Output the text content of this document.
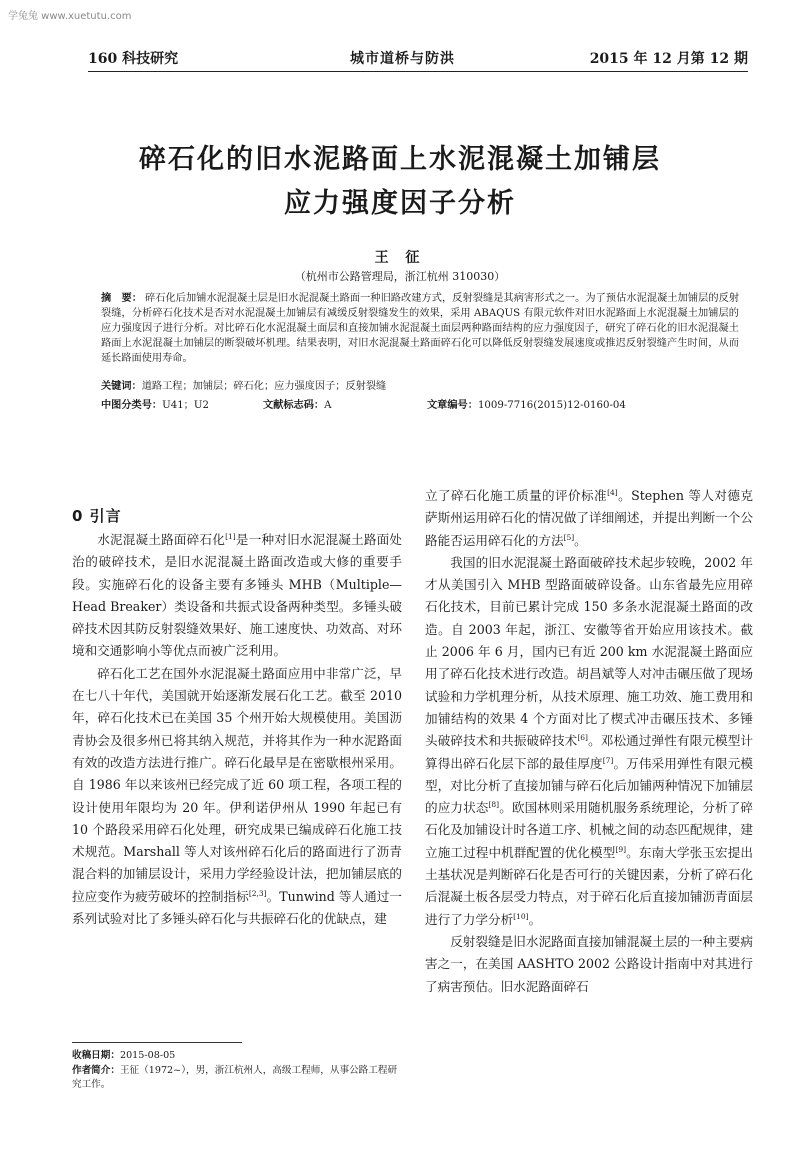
学兔兔 www.xuetutu.com
160 科技研究	城市道桥与防洪	2015 年 12 月第 12 期
碎石化的旧水泥路面上水泥混凝土加铺层
应力强度因子分析
王 征
（杭州市公路管理局，浙江杭州 310030）
摘　要： 碎石化后加铺水泥混凝土层是旧水泥混凝土路面一种旧路改建方式，反射裂缝是其病害形式之一。为了预估水泥混凝土加铺层的反射裂缝，分析碎石化技术是否对水泥混凝土加铺层有减缓反射裂缝发生的效果，采用 ABAQUS 有限元软件对旧水泥路面上水泥混凝土加铺层的应力强度因子进行分析。对比碎石化水泥混凝土面层和直接加铺水泥混凝土面层两种路面结构的应力强度因子，研究了碎石化的旧水泥混凝土路面上水泥混凝土加铺层的断裂破坏机理。结果表明，对旧水泥混凝土路面碎石化可以降低反射裂缝发展速度或推迟反射裂缝产生时间，从而延长路面使用寿命。
关键词：道路工程；加铺层；碎石化；应力强度因子；反射裂缝
中图分类号：U41；U2	文献标志码：A	文章编号：1009-7716(2015)12-0160-04
0 引言

水泥混凝土路面碎石化[1]是一种对旧水泥混凝土路面处治的破碎技术，是旧水泥混凝土路面改造或大修的重要手段。实施碎石化的设备主要有多锤头 MHB（Multiple—Head Breaker）类设备和共振式设备两种类型。多锤头破碎技术因其防反射裂缝效果好、施工速度快、功效高、对环境和交通影响小等优点而被广泛利用。

碎石化工艺在国外水泥混凝土路面应用中非常广泛，早在七八十年代，美国就开始逐渐发展石化工艺。截至 2010 年，碎石化技术已在美国 35 个州开始大规模使用。美国沥青协会及很多州已将其纳入规范，并将其作为一种水泥路面有效的改造方法进行推广。碎石化最早是在密歇根州采用。自 1986 年以来该州已经完成了近 60 项工程，各项工程的设计使用年限均为 20 年。伊利诺伊州从 1990 年起已有 10 个路段采用碎石化处理，研究成果已编成碎石化施工技术规范。Marshall 等人对该州碎石化后的路面进行了沥青混合料的加铺层设计，采用力学经验设计法，把加铺层底的拉应变作为疲劳破坏的控制指标[2,3]。Tunwind 等人通过一系列试验对比了多锤头碎石化与共振碎石化的优缺点，建

立了碎石化施工质量的评价标准[4]。Stephen 等人对德克萨斯州运用碎石化的情况做了详细阐述，并提出判断一个公路能否运用碎石化的方法[5]。

我国的旧水泥混凝土路面破碎技术起步较晚，2002 年才从美国引入 MHB 型路面破碎设备。山东省最先应用碎石化技术，目前已累计完成 150 多条水泥混凝土路面的改造。自 2003 年起，浙江、安徽等省开始应用该技术。截止 2006 年 6 月，国内已有近 200 km 水泥混凝土路面应用了碎石化技术进行改造。胡昌斌等人对冲击碾压做了现场试验和力学机理分析，从技术原理、施工功效、施工费用和加铺结构的效果 4 个方面对比了楔式冲击碾压技术、多锤头破碎技术和共振破碎技术[6]。邓松通过弹性有限元模型计算得出碎石化层下部的最佳厚度[7]。万伟采用弹性有限元模型，对比分析了直接加铺与碎石化后加铺两种情况下加铺层的应力状态[8]。欧国林则采用随机服务系统理论，分析了碎石化及加铺设计时各道工序、机械之间的动态匹配规律，建立施工过程中机群配置的优化模型[9]。东南大学张玉宏提出土基状况是判断碎石化是否可行的关键因素，分析了碎石化后混凝土板各层受力特点，对于碎石化后直接加铺沥青面层进行了力学分析[10]。

反射裂缝是旧水泥路面直接加铺混凝土层的一种主要病害之一，在美国 AASHTO 2002 公路设计指南中对其进行了病害预估。旧水泥路面碎石

收稿日期：2015-08-05
作者简介：王征（1972~），男，浙江杭州人，高级工程师，从事公路工程研究工作。
